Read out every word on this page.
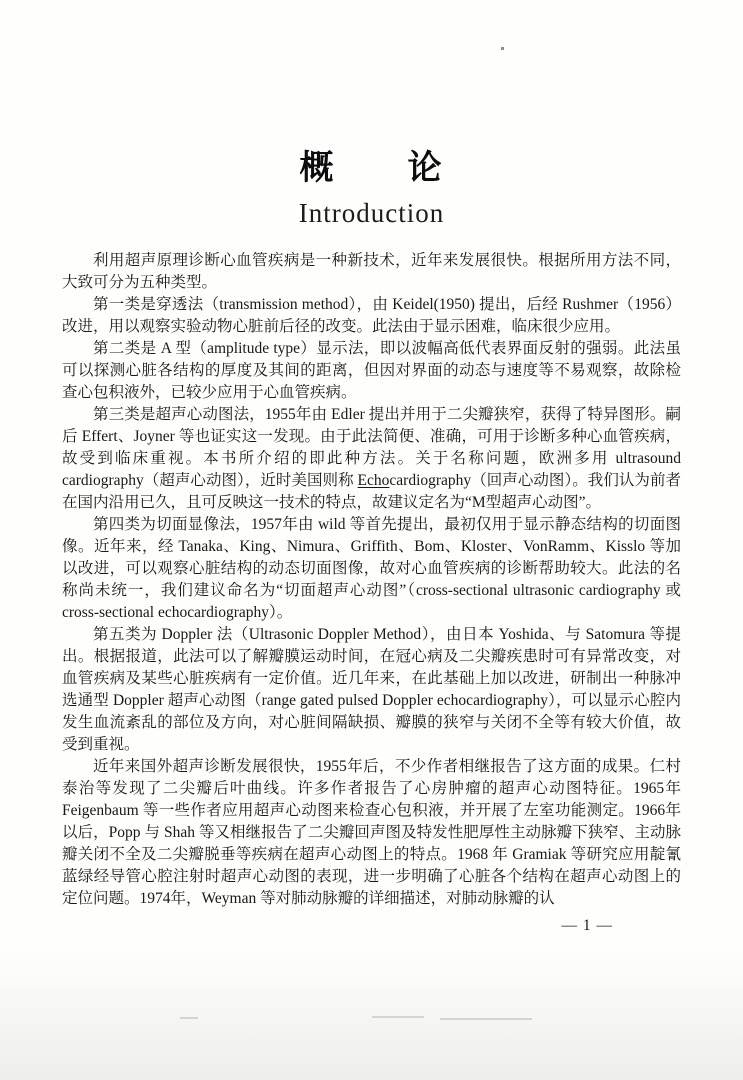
概　　论
Introduction

利用超声原理诊断心血管疾病是一种新技术，近年来发展很快。根据所用方法不同，大致可分为五种类型。

第一类是穿透法（transmission method），由 Keidel(1950) 提出，后经 Rushmer（1956）改进，用以观察实验动物心脏前后径的改变。此法由于显示困难，临床很少应用。

第二类是 A 型（amplitude type）显示法，即以波幅高低代表界面反射的强弱。此法虽可以探测心脏各结构的厚度及其间的距离，但因对界面的动态与速度等不易观察，故除检查心包积液外，已较少应用于心血管疾病。

第三类是超声心动图法，1955年由 Edler 提出并用于二尖瓣狭窄，获得了特异图形。嗣后 Effert、Joyner 等也证实这一发现。由于此法简便、准确，可用于诊断多种心血管疾病，故受到临床重视。本书所介绍的即此种方法。关于名称问题，欧洲多用 ultrasound cardiography（超声心动图），近时美国则称 Echocardiography（回声心动图）。我们认为前者在国内沿用已久，且可反映这一技术的特点，故建议定名为“M型超声心动图”。

第四类为切面显像法，1957年由 wild 等首先提出，最初仅用于显示静态结构的切面图像。近年来，经 Tanaka、King、Nimura、Griffith、Bom、Kloster、VonRamm、Kisslo 等加以改进，可以观察心脏结构的动态切面图像，故对心血管疾病的诊断帮助较大。此法的名称尚未统一，我们建议命名为“切面超声心动图”（cross-sectional ultrasonic cardiography 或 cross-sectional echocardiography）。

第五类为 Doppler 法（Ultrasonic Doppler Method），由日本 Yoshida、与 Satomura 等提出。根据报道，此法可以了解瓣膜运动时间，在冠心病及二尖瓣疾患时可有异常改变，对血管疾病及某些心脏疾病有一定价值。近几年来，在此基础上加以改进，研制出一种脉冲选通型 Doppler 超声心动图（range gated pulsed Doppler echocardiography），可以显示心腔内发生血流紊乱的部位及方向，对心脏间隔缺损、瓣膜的狭窄与关闭不全等有较大价值，故受到重视。

近年来国外超声诊断发展很快，1955年后，不少作者相继报告了这方面的成果。仁村泰治等发现了二尖瓣后叶曲线。许多作者报告了心房肿瘤的超声心动图特征。1965年 Feigenbaum 等一些作者应用超声心动图来检查心包积液，并开展了左室功能测定。1966年以后，Popp 与 Shah 等又相继报告了二尖瓣回声图及特发性肥厚性主动脉瓣下狭窄、主动脉瓣关闭不全及二尖瓣脱垂等疾病在超声心动图上的特点。1968 年 Gramiak 等研究应用靛氰蓝绿经导管心腔注射时超声心动图的表现，进一步明确了心脏各个结构在超声心动图上的定位问题。1974年，Weyman 等对肺动脉瓣的详细描述，对肺动脉瓣的认

— 1 —
